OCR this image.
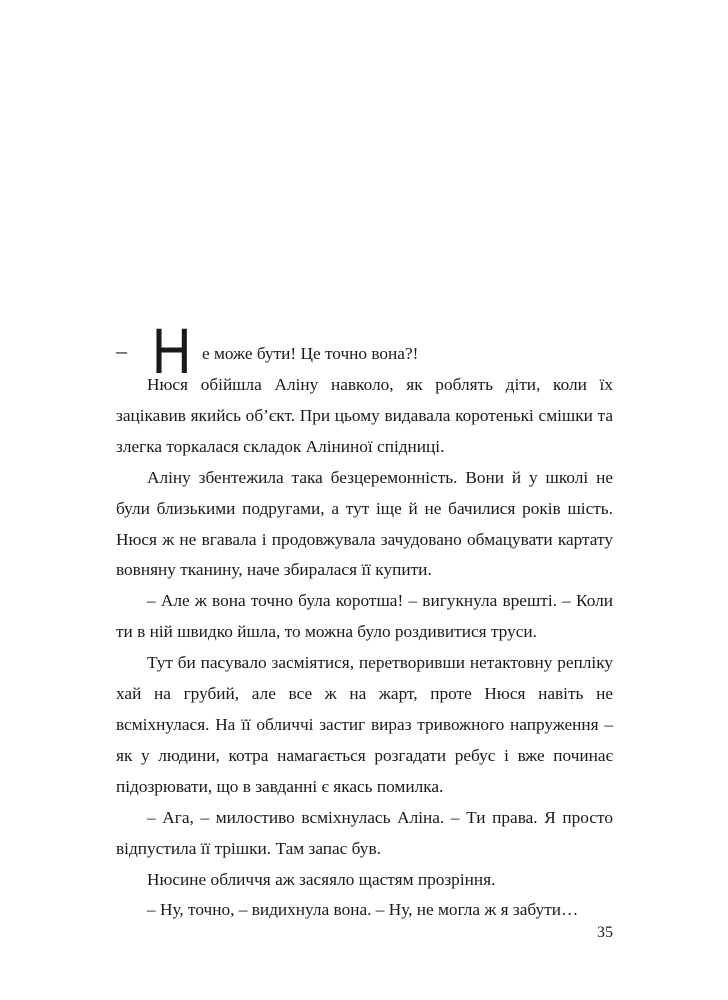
– Н е може бути! Це точно вона?!

Нюся обійшла Аліну навколо, як роблять діти, коли їх зацікавив якийсь об’єкт. При цьому видавала коротенькі смішки та злегка торкалася складок Аліниної спідниці.

Аліну збентежила така безцеремонність. Вони й у школі не були близькими подругами, а тут іще й не бачилися років шість. Нюся ж не вгавала і продовжувала зачудовано обмацувати картату вовняну тканину, наче збиралася її купити.

– Але ж вона точно була коротша! – вигукнула врешті. – Коли ти в ній швидко йшла, то можна було роздивитися труси.

Тут би пасувало засміятися, перетворивши нетактовну репліку хай на грубий, але все ж на жарт, проте Нюся навіть не всміхнулася. На її обличчі застиг вираз тривожного напруження – як у людини, котра намагається розгадати ребус і вже починає підозрювати, що в завданні є якась помилка.

– Ага, – милостиво всміхнулась Аліна. – Ти права. Я просто відпустила її трішки. Там запас був.

Нюсине обличчя аж засяяло щастям прозріння.

– Ну, точно, – видихнула вона. – Ну, не могла ж я забути…

35
